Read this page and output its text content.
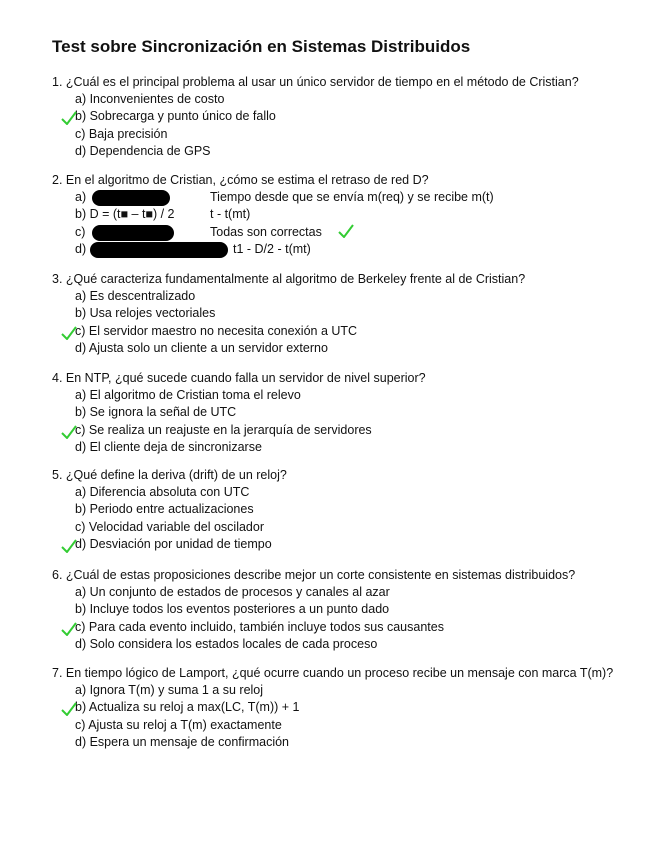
Test sobre Sincronización en Sistemas Distribuidos
1. ¿Cuál es el principal problema al usar un único servidor de tiempo en el método de Cristian?
a) Inconvenientes de costo
b) Sobrecarga y punto único de fallo
c) Baja precisión
d) Dependencia de GPS
2. En el algoritmo de Cristian, ¿cómo se estima el retraso de red D?
a)	Tiempo desde que se envía m(req) y se recibe m(t)
b) D = (t■ – t■) / 2	t - t(mt)
c)	Todas son correctas
d)	t1 - D/2 - t(mt)
3. ¿Qué caracteriza fundamentalmente al algoritmo de Berkeley frente al de Cristian?
a) Es descentralizado
b) Usa relojes vectoriales
c) El servidor maestro no necesita conexión a UTC
d) Ajusta solo un cliente a un servidor externo
4. En NTP, ¿qué sucede cuando falla un servidor de nivel superior?
a) El algoritmo de Cristian toma el relevo
b) Se ignora la señal de UTC
c) Se realiza un reajuste en la jerarquía de servidores
d) El cliente deja de sincronizarse
5. ¿Qué define la deriva (drift) de un reloj?
a) Diferencia absoluta con UTC
b) Periodo entre actualizaciones
c) Velocidad variable del oscilador
d) Desviación por unidad de tiempo
6. ¿Cuál de estas proposiciones describe mejor un corte consistente en sistemas distribuidos?
a) Un conjunto de estados de procesos y canales al azar
b) Incluye todos los eventos posteriores a un punto dado
c) Para cada evento incluido, también incluye todos sus causantes
d) Solo considera los estados locales de cada proceso
7. En tiempo lógico de Lamport, ¿qué ocurre cuando un proceso recibe un mensaje con marca T(m)?
a) Ignora T(m) y suma 1 a su reloj
b) Actualiza su reloj a max(LC, T(m)) + 1
c) Ajusta su reloj a T(m) exactamente
d) Espera un mensaje de confirmación
